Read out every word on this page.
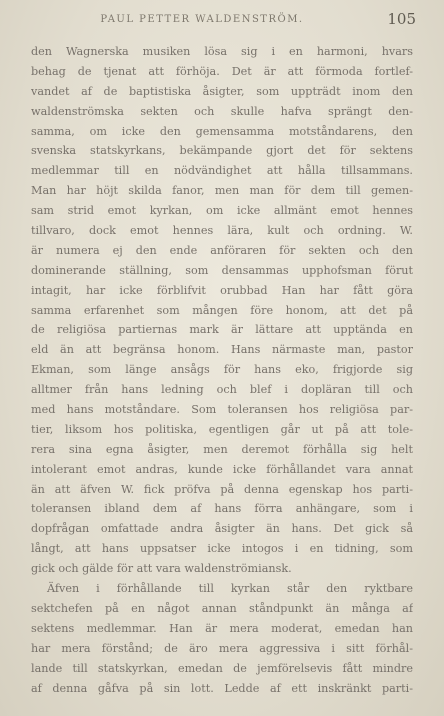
PAUL PETTER WALDENSTRÖM.	105
den Wagnerska musiken lösa sig i en harmoni, hvars
behag de tjenat att förhöja. Det är att förmoda fortlef-
vandet af de baptistiska åsigter, som uppträdt inom den
waldenströmska sekten och skulle hafva sprängt den-
samma, om icke den gemensamma motståndarens, den
svenska statskyrkans, bekämpande gjort det för sektens
medlemmar till en nödvändighet att hålla tillsammans.
Man har höjt skilda fanor, men man för dem till gemen-
sam strid emot kyrkan, om icke allmänt emot hennes
tillvaro, dock emot hennes lära, kult och ordning. W.
är numera ej den ende anföraren för sekten och den
dominerande ställning, som densammas upphofsman förut
intagit, har icke förblifvit orubbad Han har fått göra
samma erfarenhet som mången före honom, att det på
de religiösa partiernas mark är lättare att upptända en
eld än att begränsa honom. Hans närmaste man, pastor
Ekman, som länge ansågs för hans eko, frigjorde sig
alltmer från hans ledning och blef i dopläran till och
med hans motståndare. Som toleransen hos religiösa par-
tier, liksom hos politiska, egentligen går ut på att tole-
rera sina egna åsigter, men deremot förhålla sig helt
intolerant emot andras, kunde icke förhållandet vara annat
än att äfven W. fick pröfva på denna egenskap hos parti-
toleransen ibland dem af hans förra anhängare, som i
dopfrågan omfattade andra åsigter än hans. Det gick så
långt, att hans uppsatser icke intogos i en tidning, som
gick och gälde för att vara waldenströmiansk.
Äfven i förhållande till kyrkan står den ryktbare
sektchefen på en något annan ståndpunkt än många af
sektens medlemmar. Han är mera moderat, emedan han
har mera förstånd; de äro mera aggressiva i sitt förhål-
lande till statskyrkan, emedan de jemförelsevis fått mindre
af denna gåfva på sin lott. Ledde af ett inskränkt parti-
